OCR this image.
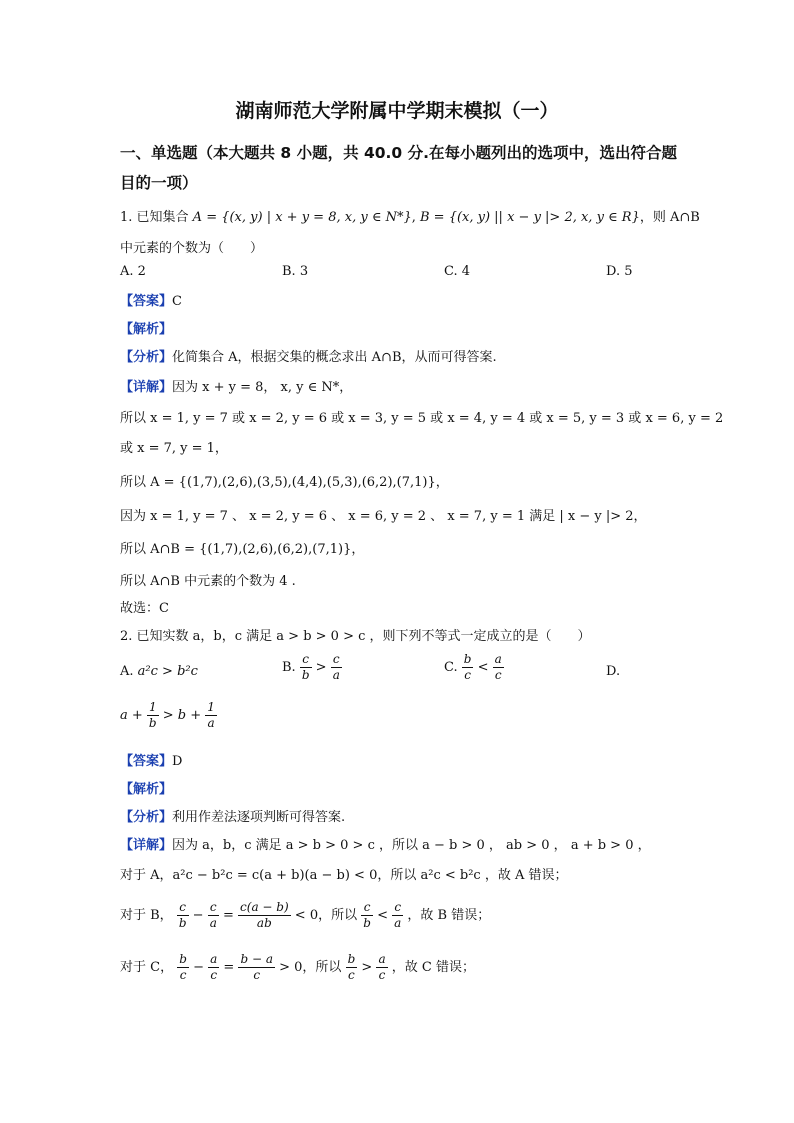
湖南师范大学附属中学期末模拟（一）
一、单选题（本大题共 8 小题，共 40.0 分.在每小题列出的选项中，选出符合题目的一项）
1. 已知集合 A = {(x, y) | x + y = 8, x, y ∈ N*}, B = {(x, y) || x − y |> 2, x, y ∈ R}，则 A∩B
中元素的个数为（　　）
A. 2	B. 3	C. 4	D. 5
【答案】C
【解析】
【分析】化简集合 A，根据交集的概念求出 A∩B，从而可得答案.
【详解】因为 x + y = 8， x, y ∈ N*，
所以 x = 1, y = 7 或 x = 2, y = 6 或 x = 3, y = 5 或 x = 4, y = 4 或 x = 5, y = 3 或 x = 6, y = 2
或 x = 7, y = 1，
所以 A = {(1,7),(2,6),(3,5),(4,4),(5,3),(6,2),(7,1)}，
因为 x = 1, y = 7 、 x = 2, y = 6 、 x = 6, y = 2 、 x = 7, y = 1 满足 | x − y |> 2，
所以 A∩B = {(1,7),(2,6),(6,2),(7,1)}，
所以 A∩B 中元素的个数为 4 .
故选：C
2. 已知实数 a，b，c 满足 a > b > 0 > c ，则下列不等式一定成立的是（　　）
A. a²c > b²c	B. $\frac{c}{b} > \frac{c}{a}$	C. $\frac{b}{c} < \frac{a}{c}$	D.
$a + \frac{1}{b} > b + \frac{1}{a}$
【答案】D
【解析】
【分析】利用作差法逐项判断可得答案.
【详解】因为 a，b，c 满足 a > b > 0 > c ，所以 a − b > 0 ， ab > 0 ， a + b > 0 ，
对于 A，a²c − b²c = c(a + b)(a − b) < 0，所以 a²c < b²c ，故 A 错误；
对于 B， $\frac{c}{b} - \frac{c}{a} = \frac{c(a - b)}{ab} < 0$，所以 $\frac{c}{b} < \frac{c}{a}$ ，故 B 错误；
对于 C， $\frac{b}{c} - \frac{a}{c} = \frac{b - a}{c} > 0$，所以 $\frac{b}{c} > \frac{a}{c}$ ，故 C 错误；
